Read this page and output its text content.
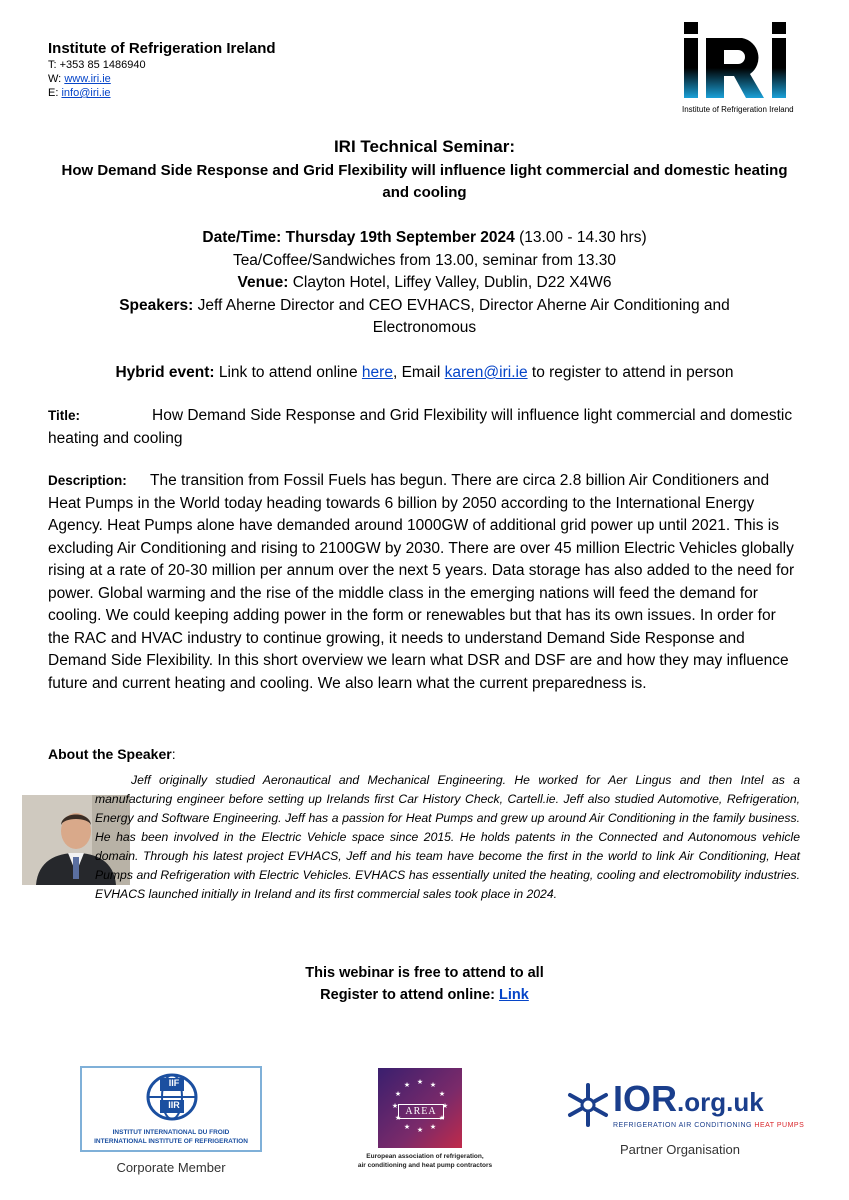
Institute of Refrigeration Ireland
T: +353 85 1486940
W: www.iri.ie
E: info@iri.ie
Institute of Refrigeration Ireland
IRI Technical Seminar:
How Demand Side Response and Grid Flexibility will influence light commercial and domestic heating and cooling
Date/Time: Thursday 19th September 2024 (13.00 - 14.30 hrs)
Tea/Coffee/Sandwiches from 13.00, seminar from 13.30
Venue: Clayton Hotel, Liffey Valley, Dublin, D22 X4W6
Speakers: Jeff Aherne Director and CEO EVHACS, Director Aherne Air Conditioning and Electronomous
Hybrid event: Link to attend online here, Email karen@iri.ie to register to attend in person
Title:	How Demand Side Response and Grid Flexibility will influence light commercial and domestic heating and cooling
Description: The transition from Fossil Fuels has begun. There are circa 2.8 billion Air Conditioners and Heat Pumps in the World today heading towards 6 billion by 2050 according to the International Energy Agency. Heat Pumps alone have demanded around 1000GW of additional grid power up until 2021. This is excluding Air Conditioning and rising to 2100GW by 2030. There are over 45 million Electric Vehicles globally rising at a rate of 20-30 million per annum over the next 5 years. Data storage has also added to the need for power. Global warming and the rise of the middle class in the emerging nations will feed the demand for cooling. We could keeping adding power in the form or renewables but that has its own issues. In order for the RAC and HVAC industry to continue growing, it needs to understand Demand Side Response and Demand Side Flexibility. In this short overview we learn what DSR and DSF are and how they may influence future and current heating and cooling. We also learn what the current preparedness is.
About the Speaker:
Jeff originally studied Aeronautical and Mechanical Engineering. He worked for Aer Lingus and then Intel as a manufacturing engineer before setting up Irelands first Car History Check, Cartell.ie. Jeff also studied Automotive, Refrigeration, Energy and Software Engineering. Jeff has a passion for Heat Pumps and grew up around Air Conditioning in the family business. He has been involved in the Electric Vehicle space since 2015. He holds patents in the Connected and Autonomous vehicle domain. Through his latest project EVHACS, Jeff and his team have become the first in the world to link Air Conditioning, Heat Pumps and Refrigeration with Electric Vehicles. EVHACS has essentially united the heating, cooling and electromobility industries. EVHACS launched initially in Ireland and its first commercial sales took place in 2024.
This webinar is free to attend to all
Register to attend online: Link
IIF
IIR
INSTITUT INTERNATIONAL DU FROID
INTERNATIONAL INSTITUTE OF REFRIGERATION
Corporate Member
★ ★
★
★
★
★
★
★
★
★
★
★
AREA
European association of refrigeration,
air conditioning and heat pump contractors
IOR.org.uk
REFRIGERATION AIR CONDITIONING HEAT PUMPS
Partner Organisation
